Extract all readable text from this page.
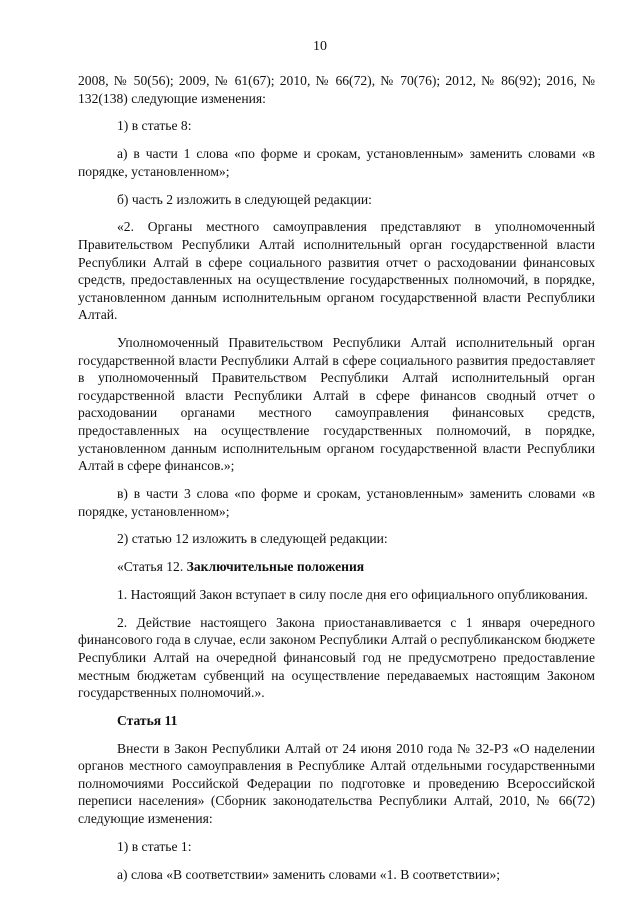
10

2008, № 50(56); 2009, № 61(67); 2010, № 66(72), № 70(76); 2012, № 86(92); 2016, № 132(138) следующие изменения:

1) в статье 8:

а) в части 1 слова «по форме и срокам, установленным» заменить словами «в порядке, установленном»;

б) часть 2 изложить в следующей редакции:

«2. Органы местного самоуправления представляют в уполномоченный Правительством Республики Алтай исполнительный орган государственной власти Республики Алтай в сфере социального развития отчет о расходовании финансовых средств, предоставленных на осуществление государственных полномочий, в порядке, установленном данным исполнительным органом государственной власти Республики Алтай.

Уполномоченный Правительством Республики Алтай исполнительный орган государственной власти Республики Алтай в сфере социального развития предоставляет в уполномоченный Правительством Республики Алтай исполнительный орган государственной власти Республики Алтай в сфере финансов сводный отчет о расходовании органами местного самоуправления финансовых средств, предоставленных на осуществление государственных полномочий, в порядке, установленном данным исполнительным органом государственной власти Республики Алтай в сфере финансов.»;

в) в части 3 слова «по форме и срокам, установленным» заменить словами «в порядке, установленном»;

2) статью 12 изложить в следующей редакции:

«Статья 12. Заключительные положения

1. Настоящий Закон вступает в силу после дня его официального опубликования.

2. Действие настоящего Закона приостанавливается с 1 января очередного финансового года в случае, если законом Республики Алтай о республиканском бюджете Республики Алтай на очередной финансовый год не предусмотрено предоставление местным бюджетам субвенций на осуществление передаваемых настоящим Законом государственных полномочий.».

Статья 11

Внести в Закон Республики Алтай от 24 июня 2010 года № 32-РЗ «О наделении органов местного самоуправления в Республике Алтай отдельными государственными полномочиями Российской Федерации по подготовке и проведению Всероссийской переписи населения» (Сборник законодательства Республики Алтай, 2010, № 66(72) следующие изменения:

1) в статье 1:

а) слова «В соответствии» заменить словами «1. В соответствии»;
